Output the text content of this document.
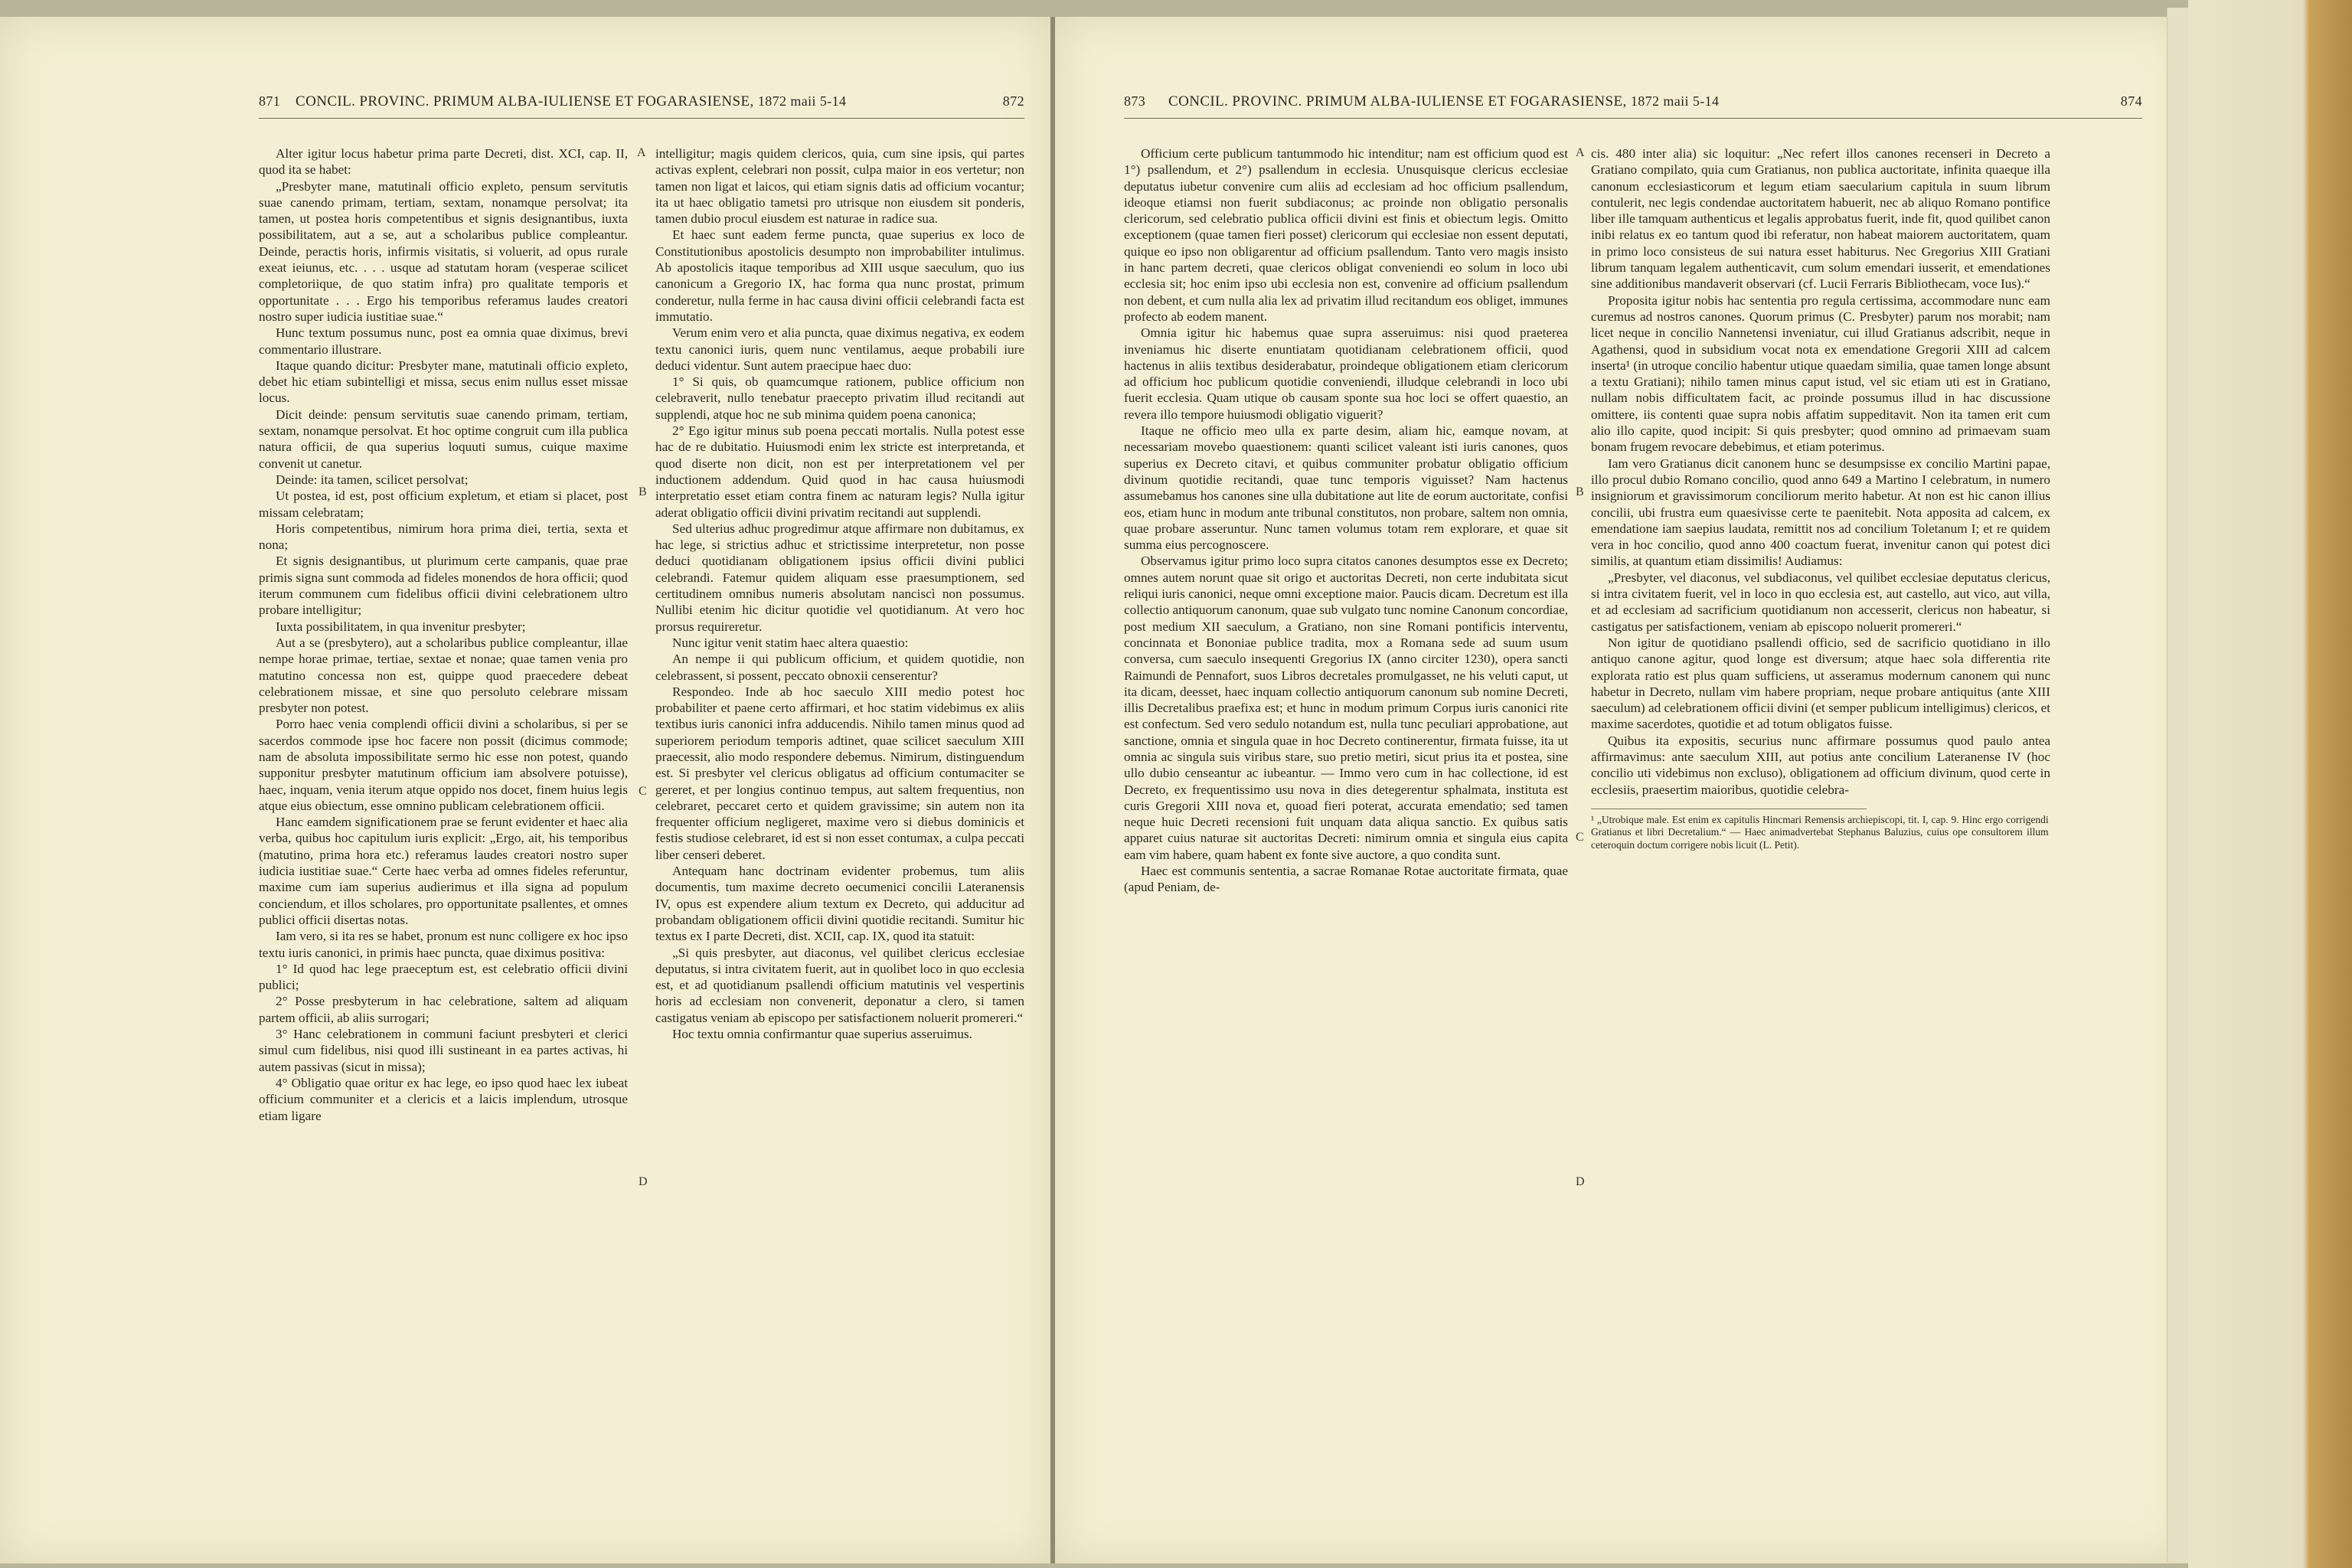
871 CONCIL. PROVINC. PRIMUM ALBA-IULIENSE ET FOGARASIENSE, 1872 maii 5-14	872

Alter igitur locus habetur prima parte Decreti, dist. XCI, cap. II, quod ita se habet:

„Presbyter mane, matutinali officio expleto, pensum servitutis suae canendo primam, tertiam, sextam, nonamque persolvat; ita tamen, ut postea horis competentibus et signis designantibus, iuxta possibilitatem, aut a se, aut a scholaribus publice compleantur. Deinde, peractis horis, infirmis visitatis, si voluerit, ad opus rurale exeat ieiunus, etc. . . . usque ad statutam horam (vesperae scilicet completoriique, de quo statim infra) pro qualitate temporis et opportunitate . . . Ergo his temporibus referamus laudes creatori nostro super iudicia iustitiae suae.“

Hunc textum possumus nunc, post ea omnia quae diximus, brevi commentario illustrare.

Itaque quando dicitur: Presbyter mane, matutinali officio expleto, debet hic etiam subintelligi et missa, secus enim nullus esset missae locus.

Dicit deinde: pensum servitutis suae canendo primam, tertiam, sextam, nonamque persolvat. Et hoc optime congruit cum illa publica natura officii, de qua superius loquuti sumus, cuique maxime convenit ut canetur.

Deinde: ita tamen, scilicet persolvat;

Ut postea, id est, post officium expletum, et etiam si placet, post missam celebratam;

Horis competentibus, nimirum hora prima diei, tertia, sexta et nona;

Et signis designantibus, ut plurimum certe campanis, quae prae primis signa sunt commoda ad fideles monendos de hora officii; quod iterum communem cum fidelibus officii divini celebrationem ultro probare intelligitur;

Iuxta possibilitatem, in qua invenitur presbyter;

Aut a se (presbytero), aut a scholaribus publice compleantur, illae nempe horae primae, tertiae, sextae et nonae; quae tamen venia pro matutino concessa non est, quippe quod praecedere debeat celebrationem missae, et sine quo persoluto celebrare missam presbyter non potest.

Porro haec venia complendi officii divini a scholaribus, si per se sacerdos commode ipse hoc facere non possit (dicimus commode; nam de absoluta impossibilitate sermo hic esse non potest, quando supponitur presbyter matutinum officium iam absolvere potuisse), haec, inquam, venia iterum atque oppido nos docet, finem huius legis atque eius obiectum, esse omnino publicam celebrationem officii.

Hanc eamdem significationem prae se ferunt evidenter et haec alia verba, quibus hoc capitulum iuris explicit: „Ergo, ait, his temporibus (matutino, prima hora etc.) referamus laudes creatori nostro super iudicia iustitiae suae.“ Certe haec verba ad omnes fideles referuntur, maxime cum iam superius audierimus et illa signa ad populum conciendum, et illos scholares, pro opportunitate psallentes, et omnes publici officii disertas notas.

Iam vero, si ita res se habet, pronum est nunc colligere ex hoc ipso textu iuris canonici, in primis haec puncta, quae diximus positiva:

1° Id quod hac lege praeceptum est, est celebratio officii divini publici;

2° Posse presbyterum in hac celebratione, saltem ad aliquam partem officii, ab aliis surrogari;

3° Hanc celebrationem in communi faciunt presbyteri et clerici simul cum fidelibus, nisi quod illi sustineant in ea partes activas, hi autem passivas (sicut in missa);

4° Obligatio quae oritur ex hac lege, eo ipso quod haec lex iubeat officium communiter et a clericis et a laicis implendum, utrosque etiam ligare

intelligitur; magis quidem clericos, quia, cum sine ipsis, qui partes activas explent, celebrari non possit, culpa maior in eos vertetur; non tamen non ligat et laicos, qui etiam signis datis ad officium vocantur; ita ut haec obligatio tametsi pro utrisque non eiusdem sit ponderis, tamen dubio procul eiusdem est naturae in radice sua.

Et haec sunt eadem ferme puncta, quae superius ex loco de Constitutionibus apostolicis desumpto non improbabiliter intulimus. Ab apostolicis itaque temporibus ad XIII usque saeculum, quo ius canonicum a Gregorio IX, hac forma qua nunc prostat, primum conderetur, nulla ferme in hac causa divini officii celebrandi facta est immutatio.

Verum enim vero et alia puncta, quae diximus negativa, ex eodem textu canonici iuris, quem nunc ventilamus, aeque probabili iure deduci videntur. Sunt autem praecipue haec duo:

1° Si quis, ob quamcumque rationem, publice officium non celebraverit, nullo tenebatur praecepto privatim illud recitandi aut supplendi, atque hoc ne sub minima quidem poena canonica;

2° Ego igitur minus sub poena peccati mortalis. Nulla potest esse hac de re dubitatio. Huiusmodi enim lex stricte est interpretanda, et quod diserte non dicit, non est per interpretationem vel per inductionem addendum. Quid quod in hac causa huiusmodi interpretatio esset etiam contra finem ac naturam legis? Nulla igitur aderat obligatio officii divini privatim recitandi aut supplendi.

Sed ulterius adhuc progredimur atque affirmare non dubitamus, ex hac lege, si strictius adhuc et strictissime interpretetur, non posse deduci quotidianam obligationem ipsius officii divini publici celebrandi. Fatemur quidem aliquam esse praesumptionem, sed certitudinem omnibus numeris absolutam nanciscì non possumus. Nullibi etenim hic dicitur quotidie vel quotidianum. At vero hoc prorsus requireretur.

Nunc igitur venit statim haec altera quaestio:

An nempe ii qui publicum officium, et quidem quotidie, non celebrassent, si possent, peccato obnoxii censerentur?

Respondeo. Inde ab hoc saeculo XIII medio potest hoc probabiliter et paene certo affirmari, et hoc statim videbimus ex aliis textibus iuris canonici infra adducendis. Nihilo tamen minus quod ad superiorem periodum temporis adtinet, quae scilicet saeculum XIII praecessit, alio modo respondere debemus. Nimirum, distinguendum est. Si presbyter vel clericus obligatus ad officium contumaciter se gereret, et per longius continuo tempus, aut saltem frequentius, non celebraret, peccaret certo et quidem gravissime; sin autem non ita frequenter officium negligeret, maxime vero si diebus dominicis et festis studiose celebraret, id est si non esset contumax, a culpa peccati liber censeri deberet.

Antequam hanc doctrinam evidenter probemus, tum aliis documentis, tum maxime decreto oecumenici concilii Lateranensis IV, opus est expendere alium textum ex Decreto, qui adducitur ad probandam obligationem officii divini quotidie recitandi. Sumitur hic textus ex I parte Decreti, dist. XCII, cap. IX, quod ita statuit:

„Si quis presbyter, aut diaconus, vel quilibet clericus ecclesiae deputatus, si intra civitatem fuerit, aut in quolibet loco in quo ecclesia est, et ad quotidianum psallendi officium matutinis vel vespertinis horis ad ecclesiam non convenerit, deponatur a clero, si tamen castigatus veniam ab episcopo per satisfactionem noluerit promereri.“

Hoc textu omnia confirmantur quae superius asseruimus.

A
B
C
D
873 CONCIL. PROVINC. PRIMUM ALBA-IULIENSE ET FOGARASIENSE, 1872 maii 5-14	874

Officium certe publicum tantummodo hic intenditur; nam est officium quod est 1°) psallendum, et 2°) psallendum in ecclesia. Unusquisque clericus ecclesiae deputatus iubetur convenire cum aliis ad ecclesiam ad hoc officium psallendum, ideoque etiamsi non fuerit subdiaconus; ac proinde non obligatio personalis clericorum, sed celebratio publica officii divini est finis et obiectum legis. Omitto exceptionem (quae tamen fieri posset) clericorum qui ecclesiae non essent deputati, quique eo ipso non obligarentur ad officium psallendum. Tanto vero magis insisto in hanc partem decreti, quae clericos obligat conveniendi eo solum in loco ubi ecclesia sit; hoc enim ipso ubi ecclesia non est, convenire ad officium psallendum non debent, et cum nulla alia lex ad privatim illud recitandum eos obliget, immunes profecto ab eodem manent.

Omnia igitur hic habemus quae supra asseruimus: nisi quod praeterea inveniamus hic diserte enuntiatam quotidianam celebrationem officii, quod hactenus in aliis textibus desiderabatur, proindeque obligationem etiam clericorum ad officium hoc publicum quotidie conveniendi, illudque celebrandi in loco ubi fuerit ecclesia. Quam utique ob causam sponte sua hoc loci se offert quaestio, an revera illo tempore huiusmodi obligatio viguerit?

Itaque ne officio meo ulla ex parte desim, aliam hic, eamque novam, at necessariam movebo quaestionem: quanti scilicet valeant isti iuris canones, quos superius ex Decreto citavi, et quibus communiter probatur obligatio officium divinum quotidie recitandi, quae tunc temporis viguisset? Nam hactenus assumebamus hos canones sine ulla dubitatione aut lite de eorum auctoritate, confisi eos, etiam hunc in modum ante tribunal constitutos, non probare, saltem non omnia, quae probare asseruntur. Nunc tamen volumus totam rem explorare, et quae sit summa eius percognoscere.

Observamus igitur primo loco supra citatos canones desumptos esse ex Decreto; omnes autem norunt quae sit origo et auctoritas Decreti, non certe indubitata sicut reliqui iuris canonici, neque omni exceptione maior. Paucis dicam. Decretum est illa collectio antiquorum canonum, quae sub vulgato tunc nomine Canonum concordiae, post medium XII saeculum, a Gratiano, non sine Romani pontificis interventu, concinnata et Bononiae publice tradita, mox a Romana sede ad suum usum conversa, cum saeculo insequenti Gregorius IX (anno circiter 1230), opera sancti Raimundi de Pennafort, suos Libros decretales promulgasset, ne his veluti caput, ut ita dicam, deesset, haec inquam collectio antiquorum canonum sub nomine Decreti, illis Decretalibus praefixa est; et hunc in modum primum Corpus iuris canonici rite est confectum. Sed vero sedulo notandum est, nulla tunc peculiari approbatione, aut sanctione, omnia et singula quae in hoc Decreto continerentur, firmata fuisse, ita ut omnia ac singula suis viribus stare, suo pretio metiri, sicut prius ita et postea, sine ullo dubio censeantur ac iubeantur. — Immo vero cum in hac collectione, id est Decreto, ex frequentissimo usu nova in dies detegerentur sphalmata, instituta est curis Gregorii XIII nova et, quoad fieri poterat, accurata emendatio; sed tamen neque huic Decreti recensioni fuit unquam data aliqua sanctio. Ex quibus satis apparet cuius naturae sit auctoritas Decreti: nimirum omnia et singula eius capita eam vim habere, quam habent ex fonte sive auctore, a quo condita sunt.

Haec est communis sententia, a sacrae Romanae Rotae auctoritate firmata, quae (apud Peniam, de-

cis. 480 inter alia) sic loquitur: „Nec refert illos canones recenseri in Decreto a Gratiano compilato, quia cum Gratianus, non publica auctoritate, infinita quaeque illa canonum ecclesiasticorum et legum etiam saecularium capitula in suum librum contulerit, nec legis condendae auctoritatem habuerit, nec ab aliquo Romano pontifice liber ille tamquam authenticus et legalis approbatus fuerit, inde fit, quod quilibet canon inibi relatus ex eo tantum quod ibi referatur, non habeat maiorem auctoritatem, quam in primo loco consisteus de sui natura esset habiturus. Nec Gregorius XIII Gratiani librum tanquam legalem authenticavit, cum solum emendari iusserit, et emendationes sine additionibus mandaverit observari (cf. Lucii Ferraris Bibliothecam, voce Ius).“

Proposita igitur nobis hac sententia pro regula certissima, accommodare nunc eam curemus ad nostros canones. Quorum primus (C. Presbyter) parum nos morabit; nam licet neque in concilio Nannetensi inveniatur, cui illud Gratianus adscribit, neque in Agathensi, quod in subsidium vocat nota ex emendatione Gregorii XIII ad calcem inserta¹ (in utroque concilio habentur utique quaedam similia, quae tamen longe absunt a textu Gratiani); nihilo tamen minus caput istud, vel sic etiam uti est in Gratiano, nullam nobis difficultatem facit, ac proinde possumus illud in hac discussione omittere, iis contenti quae supra nobis affatim suppeditavit. Non ita tamen erit cum alio illo capite, quod incipit: Si quis presbyter; quod omnino ad primaevam suam bonam frugem revocare debebimus, et etiam poterimus.

Iam vero Gratianus dicit canonem hunc se desumpsisse ex concilio Martini papae, illo procul dubio Romano concilio, quod anno 649 a Martino I celebratum, in numero insigniorum et gravissimorum conciliorum merito habetur. At non est hic canon illius concilii, ubi frustra eum quaesivisse certe te paenitebit. Nota apposita ad calcem, ex emendatione iam saepius laudata, remittit nos ad concilium Toletanum I; et re quidem vera in hoc concilio, quod anno 400 coactum fuerat, invenitur canon qui potest dici similis, at quantum etiam dissimilis! Audiamus:

„Presbyter, vel diaconus, vel subdiaconus, vel quilibet ecclesiae deputatus clericus, si intra civitatem fuerit, vel in loco in quo ecclesia est, aut castello, aut vico, aut villa, et ad ecclesiam ad sacrificium quotidianum non accesserit, clericus non habeatur, si castigatus per satisfactionem, veniam ab episcopo noluerit promereri.“

Non igitur de quotidiano psallendi officio, sed de sacrificio quotidiano in illo antiquo canone agitur, quod longe est diversum; atque haec sola differentia rite explorata ratio est plus quam sufficiens, ut asseramus modernum canonem qui nunc habetur in Decreto, nullam vim habere propriam, neque probare antiquitus (ante XIII saeculum) ad celebrationem officii divini (et semper publicum intelligimus) clericos, et maxime sacerdotes, quotidie et ad totum obligatos fuisse.

Quibus ita expositis, securius nunc affirmare possumus quod paulo antea affirmavimus: ante saeculum XIII, aut potius ante concilium Lateranense IV (hoc concilio uti videbimus non excluso), obligationem ad officium divinum, quod certe in ecclesiis, praesertim maioribus, quotidie celebra-

¹ „Utrobique male. Est enim ex capitulis Hincmari Remensis archiepiscopi, tit. I, cap. 9. Hinc ergo corrigendi Gratianus et libri Decretalium.“ — Haec animadvertebat Stephanus Baluzius, cuius ope consultorem illum ceteroquin doctum corrigere nobis licuit (L. Petit).
A
B
C
D
